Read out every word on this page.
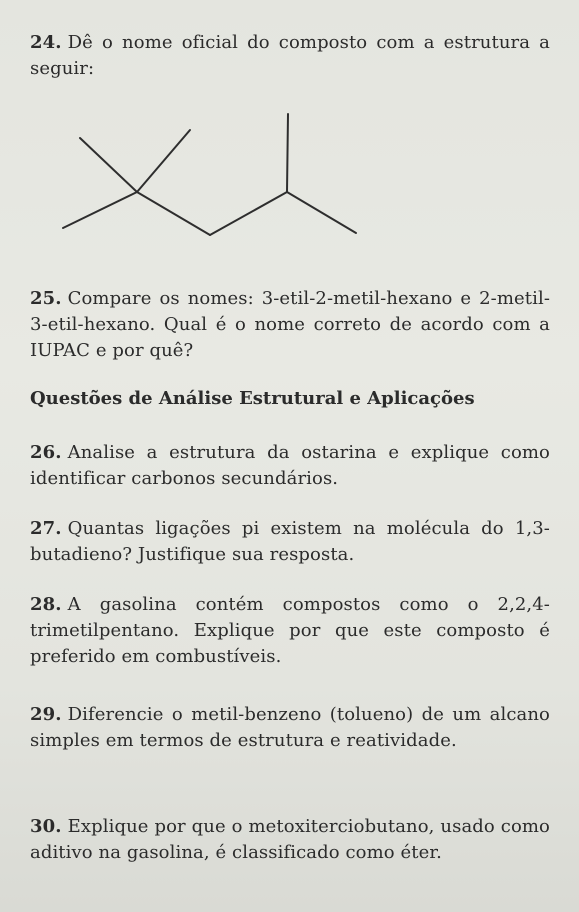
24. Dê o nome oficial do composto com a estrutura a seguir:
25. Compare os nomes: 3-etil-2-metil-hexano e 2-metil-3-etil-hexano. Qual é o nome correto de acordo com a IUPAC e por quê?
Questões de Análise Estrutural e Aplicações
26. Analise a estrutura da ostarina e explique como identificar carbonos secundários.
27. Quantas ligações pi existem na molécula do 1,3-butadieno? Justifique sua resposta.
28. A gasolina contém compostos como o 2,2,4-trimetilpentano. Explique por que este composto é preferido em combustíveis.
29. Diferencie o metil-benzeno (tolueno) de um alcano simples em termos de estrutura e reatividade.
30. Explique por que o metoxiterciobutano, usado como aditivo na gasolina, é classificado como éter.
